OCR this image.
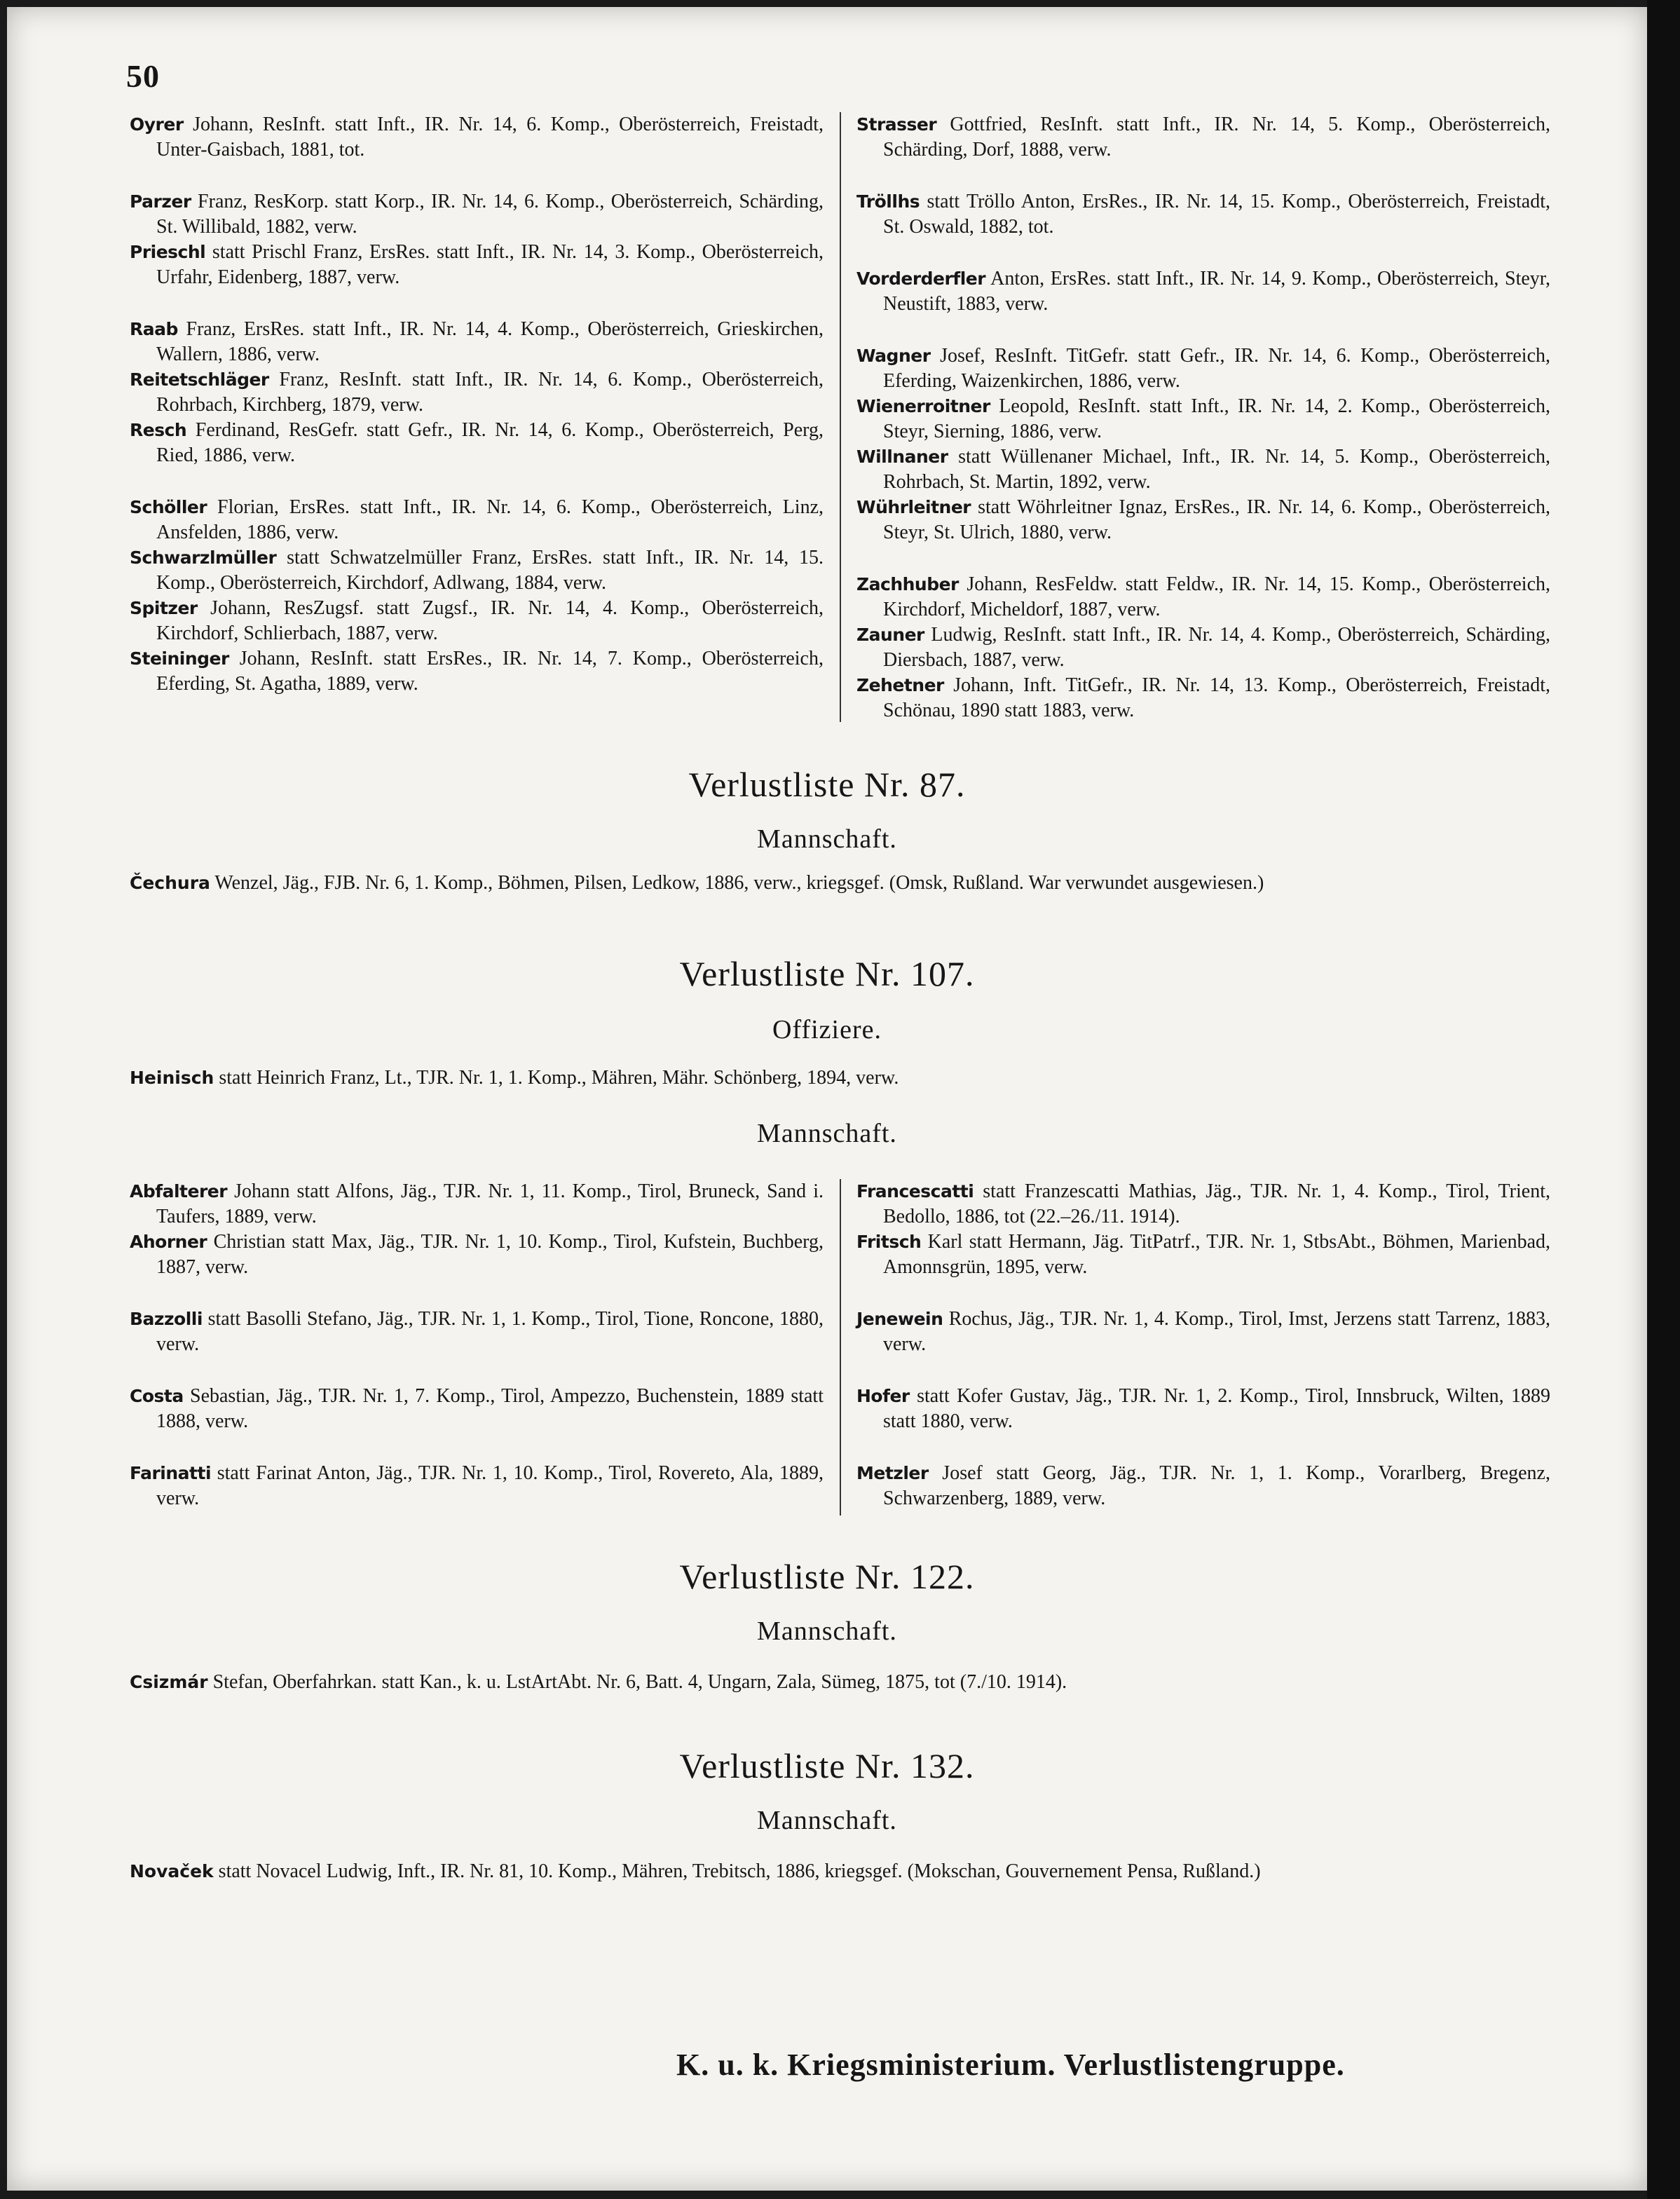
50

Oyrer Johann, ResInft. statt Inft., IR. Nr. 14, 6. Komp., Oberösterreich, Freistadt, Unter-Gaisbach, 1881, tot.

Parzer Franz, ResKorp. statt Korp., IR. Nr. 14, 6. Komp., Oberösterreich, Schärding, St. Willibald, 1882, verw.

Prieschl statt Prischl Franz, ErsRes. statt Inft., IR. Nr. 14, 3. Komp., Oberösterreich, Urfahr, Eidenberg, 1887, verw.

Raab Franz, ErsRes. statt Inft., IR. Nr. 14, 4. Komp., Oberösterreich, Grieskirchen, Wallern, 1886, verw.

Reitetschläger Franz, ResInft. statt Inft., IR. Nr. 14, 6. Komp., Oberösterreich, Rohrbach, Kirchberg, 1879, verw.

Resch Ferdinand, ResGefr. statt Gefr., IR. Nr. 14, 6. Komp., Oberösterreich, Perg, Ried, 1886, verw.

Schöller Florian, ErsRes. statt Inft., IR. Nr. 14, 6. Komp., Oberösterreich, Linz, Ansfelden, 1886, verw.

Schwarzlmüller statt Schwatzelmüller Franz, ErsRes. statt Inft., IR. Nr. 14, 15. Komp., Oberösterreich, Kirchdorf, Adlwang, 1884, verw.

Spitzer Johann, ResZugsf. statt Zugsf., IR. Nr. 14, 4. Komp., Oberösterreich, Kirchdorf, Schlierbach, 1887, verw.

Steininger Johann, ResInft. statt ErsRes., IR. Nr. 14, 7. Komp., Oberösterreich, Eferding, St. Agatha, 1889, verw.

Strasser Gottfried, ResInft. statt Inft., IR. Nr. 14, 5. Komp., Oberösterreich, Schärding, Dorf, 1888, verw.

Tröllhs statt Tröllo Anton, ErsRes., IR. Nr. 14, 15. Komp., Oberösterreich, Freistadt, St. Oswald, 1882, tot.

Vorderderfler Anton, ErsRes. statt Inft., IR. Nr. 14, 9. Komp., Oberösterreich, Steyr, Neustift, 1883, verw.

Wagner Josef, ResInft. TitGefr. statt Gefr., IR. Nr. 14, 6. Komp., Oberösterreich, Eferding, Waizenkirchen, 1886, verw.

Wienerroitner Leopold, ResInft. statt Inft., IR. Nr. 14, 2. Komp., Oberösterreich, Steyr, Sierning, 1886, verw.

Willnaner statt Wüllenaner Michael, Inft., IR. Nr. 14, 5. Komp., Oberösterreich, Rohrbach, St. Martin, 1892, verw.

Wührleitner statt Wöhrleitner Ignaz, ErsRes., IR. Nr. 14, 6. Komp., Oberösterreich, Steyr, St. Ulrich, 1880, verw.

Zachhuber Johann, ResFeldw. statt Feldw., IR. Nr. 14, 15. Komp., Oberösterreich, Kirchdorf, Micheldorf, 1887, verw.

Zauner Ludwig, ResInft. statt Inft., IR. Nr. 14, 4. Komp., Oberösterreich, Schärding, Diersbach, 1887, verw.

Zehetner Johann, Inft. TitGefr., IR. Nr. 14, 13. Komp., Oberösterreich, Freistadt, Schönau, 1890 statt 1883, verw.

Verlustliste Nr. 87.
Mannschaft.

Čechura Wenzel, Jäg., FJB. Nr. 6, 1. Komp., Böhmen, Pilsen, Ledkow, 1886, verw., kriegsgef. (Omsk, Rußland. War verwundet ausgewiesen.)

Verlustliste Nr. 107.
Offiziere.

Heinisch statt Heinrich Franz, Lt., TJR. Nr. 1, 1. Komp., Mähren, Mähr. Schönberg, 1894, verw.

Mannschaft.

Abfalterer Johann statt Alfons, Jäg., TJR. Nr. 1, 11. Komp., Tirol, Bruneck, Sand i. Taufers, 1889, verw.

Ahorner Christian statt Max, Jäg., TJR. Nr. 1, 10. Komp., Tirol, Kufstein, Buchberg, 1887, verw.

Bazzolli statt Basolli Stefano, Jäg., TJR. Nr. 1, 1. Komp., Tirol, Tione, Roncone, 1880, verw.

Costa Sebastian, Jäg., TJR. Nr. 1, 7. Komp., Tirol, Ampezzo, Buchenstein, 1889 statt 1888, verw.

Farinatti statt Farinat Anton, Jäg., TJR. Nr. 1, 10. Komp., Tirol, Rovereto, Ala, 1889, verw.

Francescatti statt Franzescatti Mathias, Jäg., TJR. Nr. 1, 4. Komp., Tirol, Trient, Bedollo, 1886, tot (22.–26./11. 1914).

Fritsch Karl statt Hermann, Jäg. TitPatrf., TJR. Nr. 1, StbsAbt., Böhmen, Marienbad, Amonnsgrün, 1895, verw.

Jenewein Rochus, Jäg., TJR. Nr. 1, 4. Komp., Tirol, Imst, Jerzens statt Tarrenz, 1883, verw.

Hofer statt Kofer Gustav, Jäg., TJR. Nr. 1, 2. Komp., Tirol, Innsbruck, Wilten, 1889 statt 1880, verw.

Metzler Josef statt Georg, Jäg., TJR. Nr. 1, 1. Komp., Vorarlberg, Bregenz, Schwarzenberg, 1889, verw.

Verlustliste Nr. 122.
Mannschaft.

Csizmár Stefan, Oberfahrkan. statt Kan., k. u. LstArtAbt. Nr. 6, Batt. 4, Ungarn, Zala, Sümeg, 1875, tot (7./10. 1914).

Verlustliste Nr. 132.
Mannschaft.

Novaček statt Novacel Ludwig, Inft., IR. Nr. 81, 10. Komp., Mähren, Trebitsch, 1886, kriegsgef. (Mokschan, Gouvernement Pensa, Rußland.)

K. u. k. Kriegsministerium. Verlustlistengruppe.
